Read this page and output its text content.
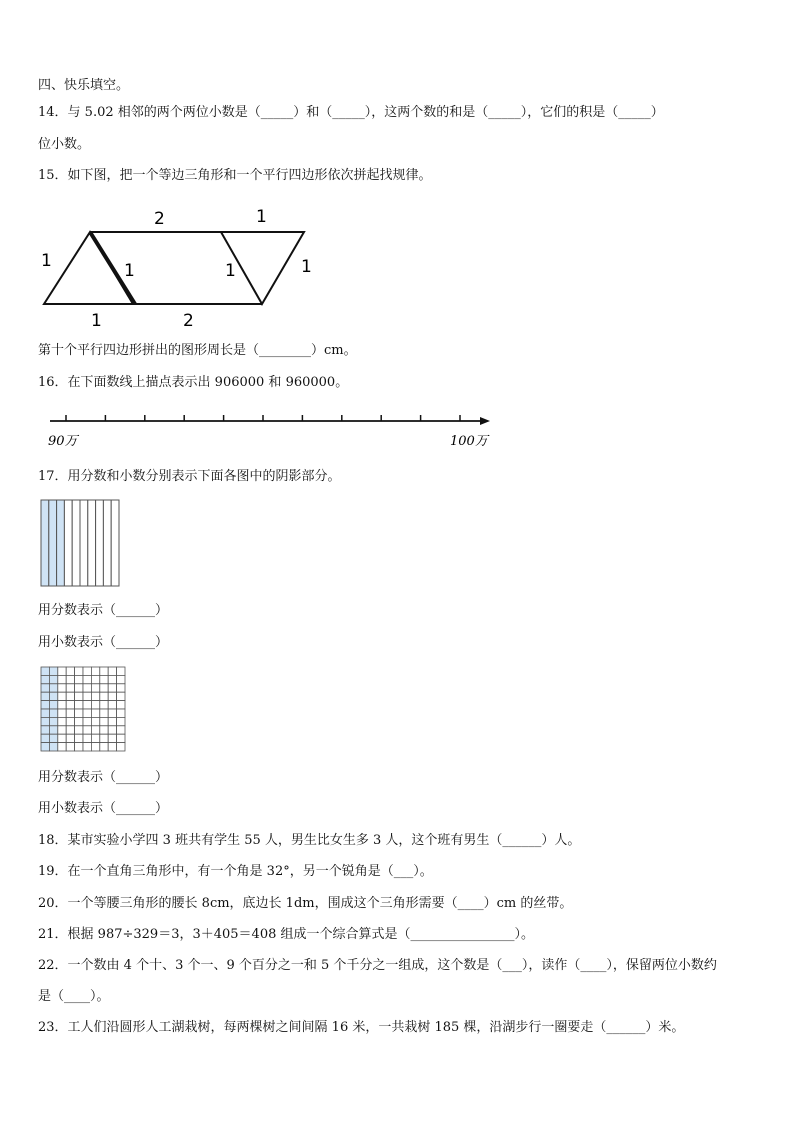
四、快乐填空。
14．与 5.02 相邻的两个两位小数是（_____）和（_____），这两个数的和是（_____），它们的积是（_____）
位小数。
15．如下图，把一个等边三角形和一个平行四边形依次拼起找规律。
1
2
1	1
1
1
1	2
第十个平行四边形拼出的图形周长是（________）cm。
16．在下面数线上描点表示出 906000 和 960000。
90万	100万
17．用分数和小数分别表示下面各图中的阴影部分。
用分数表示（______）
用小数表示（______）
用分数表示（______）
用小数表示（______）
18．某市实验小学四 3 班共有学生 55 人，男生比女生多 3 人，这个班有男生（______）人。
19．在一个直角三角形中，有一个角是 32°，另一个锐角是（___）。
20．一个等腰三角形的腰长 8cm，底边长 1dm，围成这个三角形需要（____）cm 的丝带。
21．根据 987÷329＝3，3＋405＝408 组成一个综合算式是（________________）。
22．一个数由 4 个十、3 个一、9 个百分之一和 5 个千分之一组成，这个数是（___），读作（____），保留两位小数约
是（____）。
23．工人们沿圆形人工湖栽树，每两棵树之间间隔 16 米，一共栽树 185 棵，沿湖步行一圈要走（______）米。
